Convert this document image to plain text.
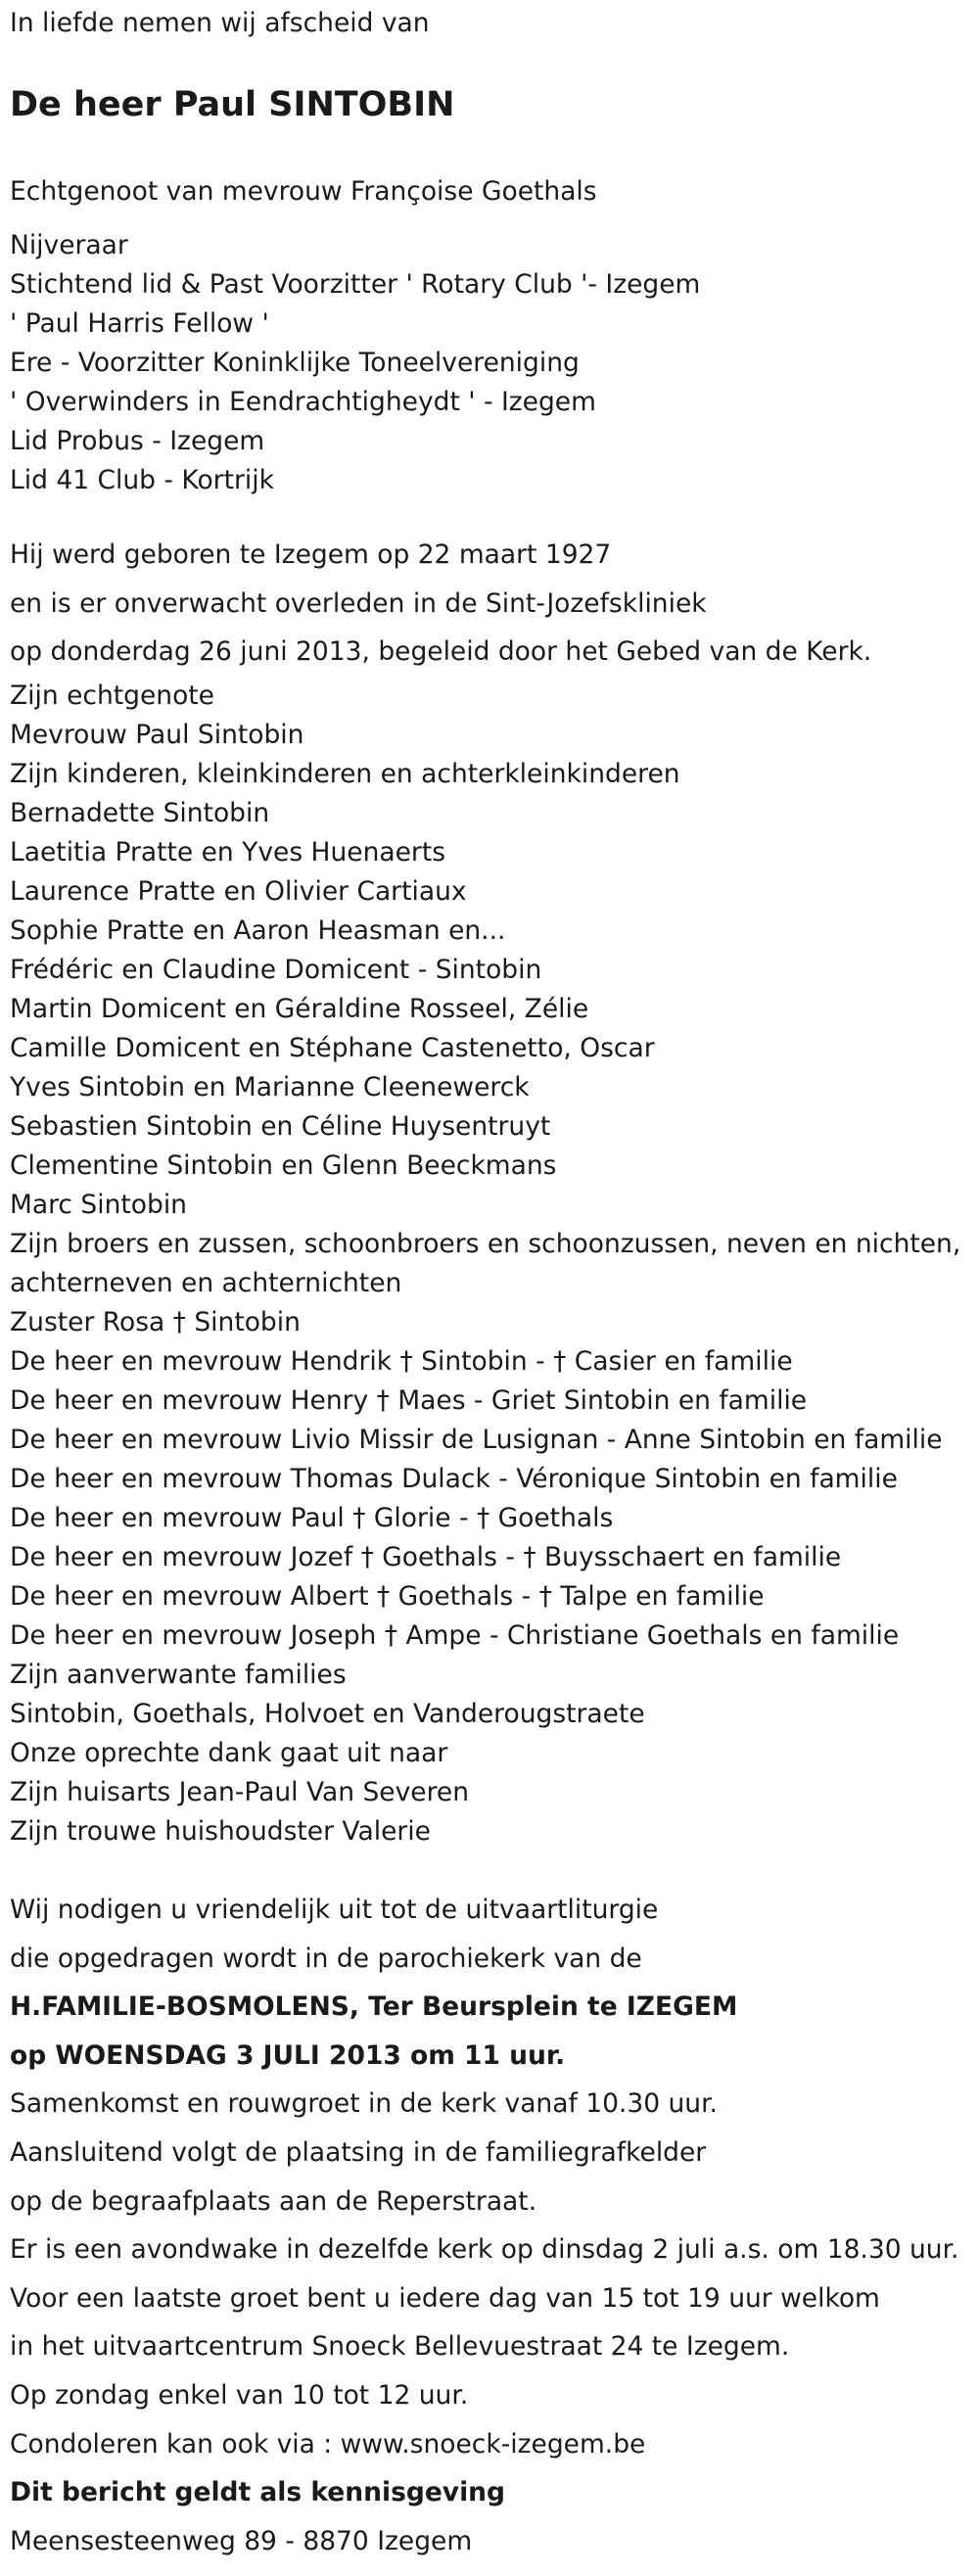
In liefde nemen wij afscheid van
De heer Paul SINTOBIN
Echtgenoot van mevrouw Françoise Goethals
Nijveraar
Stichtend lid & Past Voorzitter ' Rotary Club '- Izegem
' Paul Harris Fellow '
Ere - Voorzitter Koninklijke Toneelvereniging
' Overwinders in Eendrachtigheydt ' - Izegem
Lid Probus - Izegem
Lid 41 Club - Kortrijk
Hij werd geboren te Izegem op 22 maart 1927
en is er onverwacht overleden in de Sint-Jozefskliniek
op donderdag 26 juni 2013, begeleid door het Gebed van de Kerk.
Zijn echtgenote
Mevrouw Paul Sintobin
Zijn kinderen, kleinkinderen en achterkleinkinderen
Bernadette Sintobin
Laetitia Pratte en Yves Huenaerts
Laurence Pratte en Olivier Cartiaux
Sophie Pratte en Aaron Heasman en...
Frédéric en Claudine Domicent - Sintobin
Martin Domicent en Géraldine Rosseel, Zélie
Camille Domicent en Stéphane Castenetto, Oscar
Yves Sintobin en Marianne Cleenewerck
Sebastien Sintobin en Céline Huysentruyt
Clementine Sintobin en Glenn Beeckmans
Marc Sintobin
Zijn broers en zussen, schoonbroers en schoonzussen, neven en nichten,
achterneven en achternichten
Zuster Rosa † Sintobin
De heer en mevrouw Hendrik † Sintobin - † Casier en familie
De heer en mevrouw Henry † Maes - Griet Sintobin en familie
De heer en mevrouw Livio Missir de Lusignan - Anne Sintobin en familie
De heer en mevrouw Thomas Dulack - Véronique Sintobin en familie
De heer en mevrouw Paul † Glorie - † Goethals
De heer en mevrouw Jozef † Goethals - † Buysschaert en familie
De heer en mevrouw Albert † Goethals - † Talpe en familie
De heer en mevrouw Joseph † Ampe - Christiane Goethals en familie
Zijn aanverwante families
Sintobin, Goethals, Holvoet en Vanderougstraete
Onze oprechte dank gaat uit naar
Zijn huisarts Jean-Paul Van Severen
Zijn trouwe huishoudster Valerie
Wij nodigen u vriendelijk uit tot de uitvaartliturgie
die opgedragen wordt in de parochiekerk van de
H.FAMILIE-BOSMOLENS, Ter Beursplein te IZEGEM
op WOENSDAG 3 JULI 2013 om 11 uur.
Samenkomst en rouwgroet in de kerk vanaf 10.30 uur.
Aansluitend volgt de plaatsing in de familiegrafkelder
op de begraafplaats aan de Reperstraat.
Er is een avondwake in dezelfde kerk op dinsdag 2 juli a.s. om 18.30 uur.
Voor een laatste groet bent u iedere dag van 15 tot 19 uur welkom
in het uitvaartcentrum Snoeck Bellevuestraat 24 te Izegem.
Op zondag enkel van 10 tot 12 uur.
Condoleren kan ook via : www.snoeck-izegem.be
Dit bericht geldt als kennisgeving
Meensesteenweg 89 - 8870 Izegem
